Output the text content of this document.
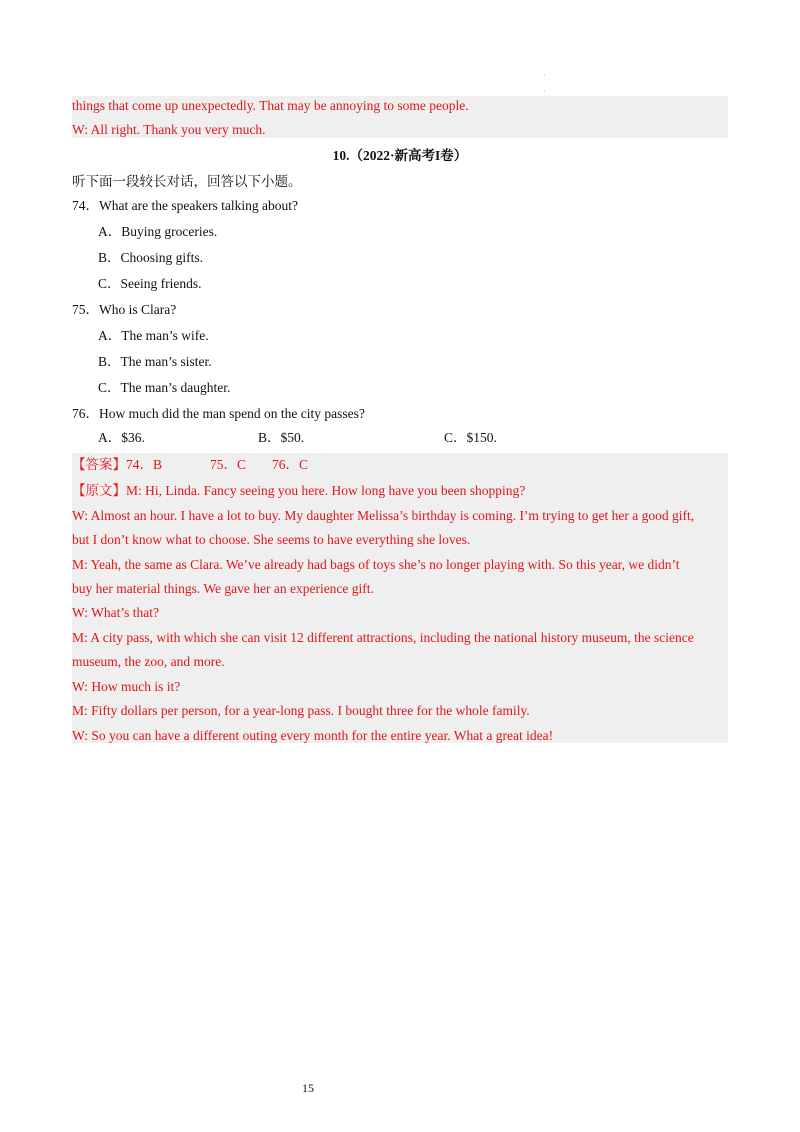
·
·
things that come up unexpectedly. That may be annoying to some people.
W: All right. Thank you very much.
10.（2022·新高考I卷）
听下面一段较长对话，回答以下小题。
74．What are the speakers talking about?
A．Buying groceries.
B．Choosing gifts.
C．Seeing friends.
75．Who is Clara?
A．The man’s wife.
B．The man’s sister.
C．The man’s daughter.
76．How much did the man spend on the city passes?
A．$36.	B．$50.	C．$150.
【答案】74．B	75．C 76．C
【原文】M: Hi, Linda. Fancy seeing you here. How long have you been shopping?
W: Almost an hour. I have a lot to buy. My daughter Melissa’s birthday is coming. I’m trying to get her a good gift,
but I don’t know what to choose. She seems to have everything she loves.
M: Yeah, the same as Clara. We’ve already had bags of toys she’s no longer playing with. So this year, we didn’t
buy her material things. We gave her an experience gift.
W: What’s that?
M: A city pass, with which she can visit 12 different attractions, including the national history museum, the science
museum, the zoo, and more.
W: How much is it?
M: Fifty dollars per person, for a year-long pass. I bought three for the whole family.
W: So you can have a different outing every month for the entire year. What a great idea!
15
